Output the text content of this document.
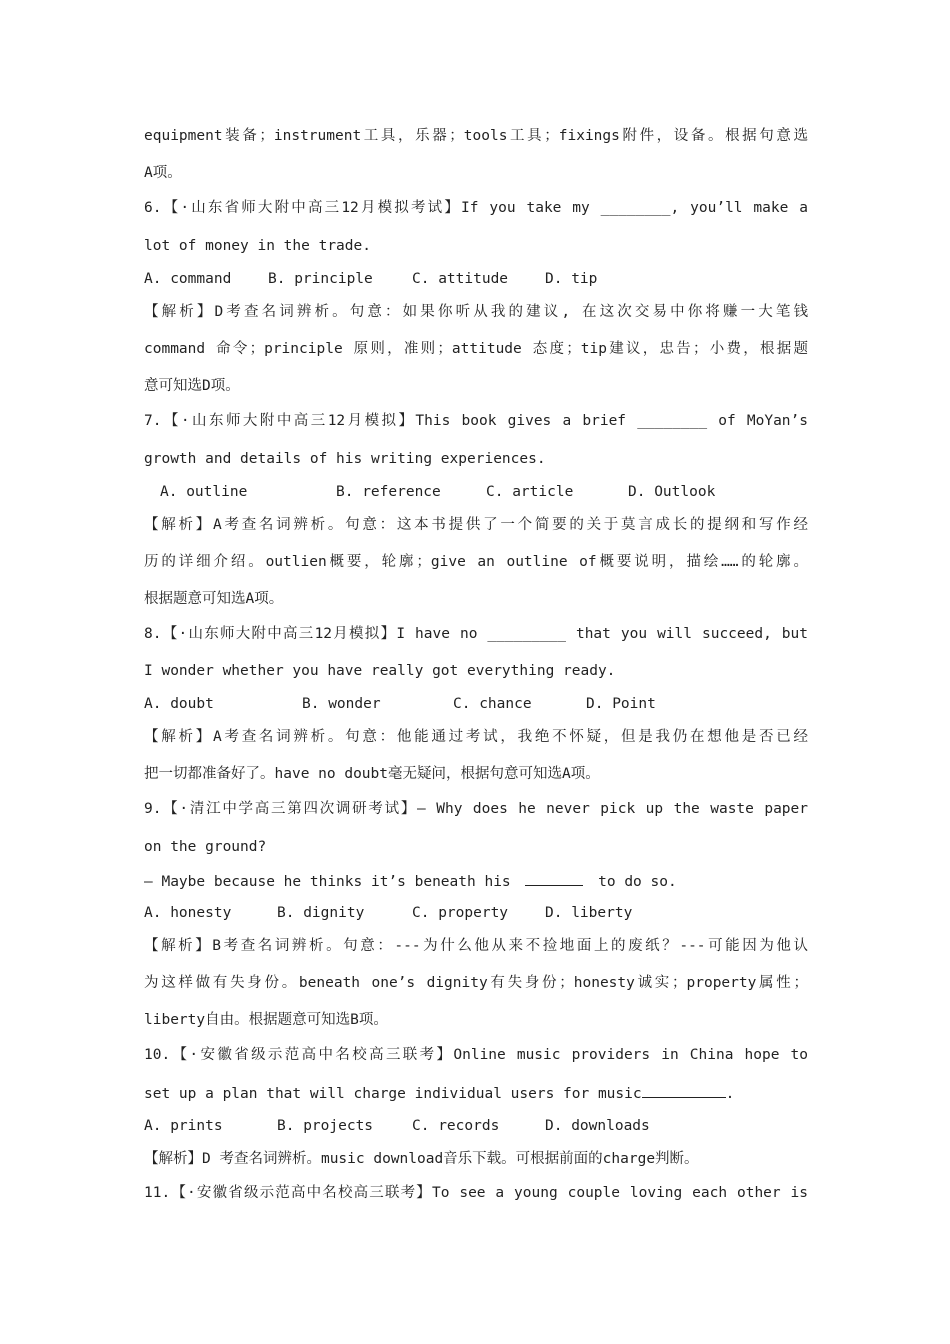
equipment装备；instrument工具，乐器；tools工具；fixings附件，设备。根据句意选
A项。
6.【·山东省师大附中高三12月模拟考试】If you take my ________, you’ll make a
lot of money in the trade.
A. command	B. principle	C. attitude	D. tip
【解析】D考查名词辨析。句意：如果你听从我的建议, 在这次交易中你将赚一大笔钱
command 命令；principle 原则，准则；attitude 态度；tip建议，忠告；小费，根据题
意可知选D项。
7.【·山东师大附中高三12月模拟】This book gives a brief ________ of MoYan’s
growth and details of his writing experiences.
A. outline	B. reference	C. article	D. Outlook
【解析】A考查名词辨析。句意：这本书提供了一个简要的关于莫言成长的提纲和写作经
历的详细介绍。outlien概要，轮廓；give an outline of概要说明，描绘……的轮廓。
根据题意可知选A项。
8.【·山东师大附中高三12月模拟】I have no _________ that you will succeed, but
I wonder whether you have really got everything ready.
A. doubt	B. wonder	C. chance	D. Point
【解析】A考查名词辨析。句意：他能通过考试，我绝不怀疑，但是我仍在想他是否已经
把一切都准备好了。have no doubt毫无疑问，根据句意可知选A项。
9.【·清江中学高三第四次调研考试】— Why does he never pick up the waste paper
on the ground?
— Maybe because he thinks it’s beneath his	to do so.
A. honesty	B. dignity	C. property	D. liberty
【解析】B考查名词辨析。句意：---为什么他从来不捡地面上的废纸？---可能因为他认
为这样做有失身份。beneath one’s dignity有失身份；honesty诚实；property属性；
liberty自由。根据题意可知选B项。
10.【·安徽省级示范高中名校高三联考】Online music providers in China hope to
set up a plan that will charge individual users for music	.
A. prints	B. projects	C. records	D. downloads
【解析】D 考查名词辨析。music download音乐下载。可根据前面的charge判断。
11.【·安徽省级示范高中名校高三联考】To see a young couple loving each other is
